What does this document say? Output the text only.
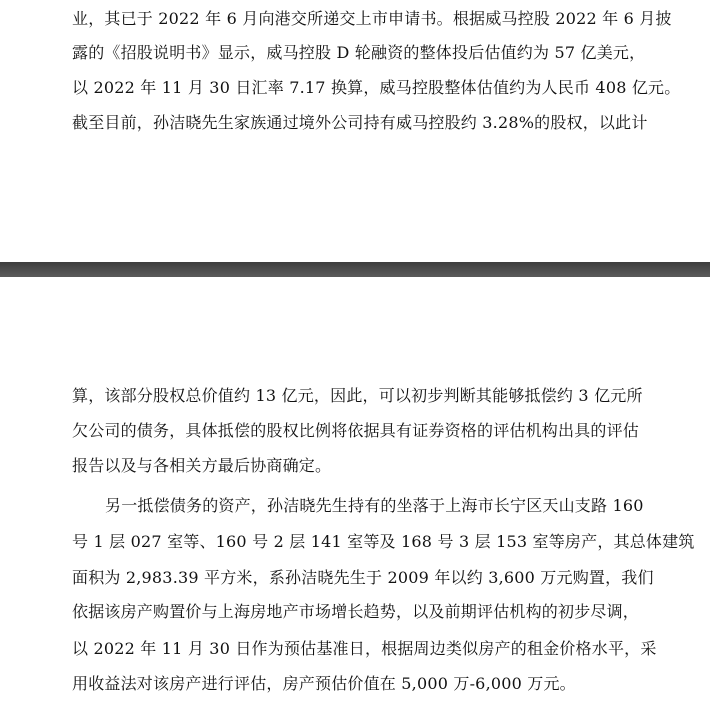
业，其已于 2022 年 6 月向港交所递交上市申请书。根据威马控股 2022 年 6 月披
露的《招股说明书》显示，威马控股 D 轮融资的整体投后估值约为 57 亿美元，
以 2022 年 11 月 30 日汇率 7.17 换算，威马控股整体估值约为人民币 408 亿元。
截至目前，孙洁晓先生家族通过境外公司持有威马控股约 3.28%的股权，以此计
算，该部分股权总价值约 13 亿元，因此，可以初步判断其能够抵偿约 3 亿元所
欠公司的债务，具体抵偿的股权比例将依据具有证券资格的评估机构出具的评估
报告以及与各相关方最后协商确定。
另一抵偿债务的资产，孙洁晓先生持有的坐落于上海市长宁区天山支路 160
号 1 层 027 室等、160 号 2 层 141 室等及 168 号 3 层 153 室等房产，其总体建筑
面积为 2,983.39 平方米，系孙洁晓先生于 2009 年以约 3,600 万元购置，我们
依据该房产购置价与上海房地产市场增长趋势，以及前期评估机构的初步尽调，
以 2022 年 11 月 30 日作为预估基准日，根据周边类似房产的租金价格水平，采
用收益法对该房产进行评估，房产预估价值在 5,000 万-6,000 万元。
